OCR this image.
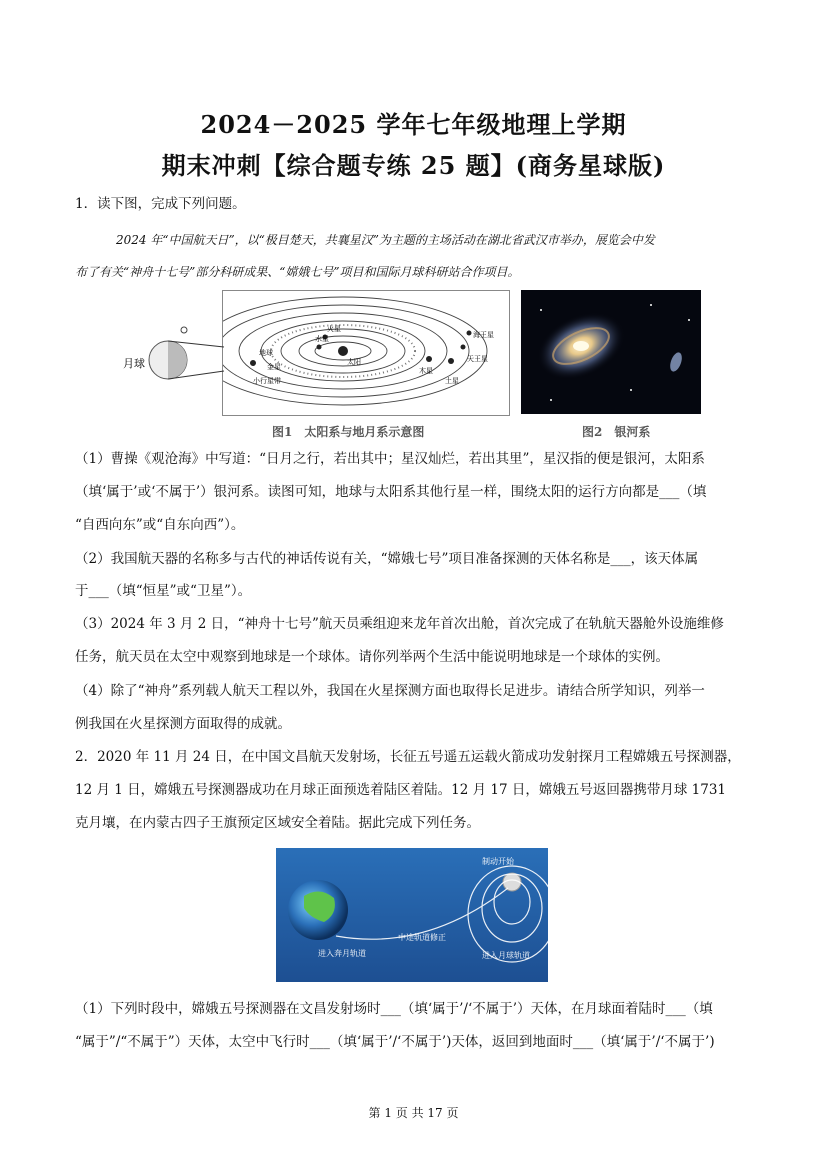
2024－2025 学年七年级地理上学期
期末冲刺【综合题专练 25 题】(商务星球版)
1．读下图，完成下列问题。
2024 年“中国航天日”，以“极目楚天，共襄星汉”为主题的主场活动在湖北省武汉市举办，展览会中发
布了有关“神舟十七号”部分科研成果、“嫦娥七号”项目和国际月球科研站合作项目。
太阳
地球
水星
金星
火星
木星
土星
天王星
海王星
小行星带
月球
图1　太阳系与地月系示意图	图2　银河系
（1）曹操《观沧海》中写道：“日月之行，若出其中；星汉灿烂，若出其里”，星汉指的便是银河，太阳系
（填‘属于’或‘不属于’）银河系。读图可知，地球与太阳系其他行星一样，围绕太阳的运行方向都是___（填
“自西向东”或“自东向西”）。
（2）我国航天器的名称多与古代的神话传说有关，“嫦娥七号”项目准备探测的天体名称是___，该天体属
于___（填“恒星”或“卫星”）。
（3）2024 年 3 月 2 日，“神舟十七号”航天员乘组迎来龙年首次出舱，首次完成了在轨航天器舱外设施维修
任务，航天员在太空中观察到地球是一个球体。请你列举两个生活中能说明地球是一个球体的实例。
（4）除了“神舟”系列载人航天工程以外，我国在火星探测方面也取得长足进步。请结合所学知识，列举一
例我国在火星探测方面取得的成就。
2．2020 年 11 月 24 日，在中国文昌航天发射场，长征五号遥五运载火箭成功发射探月工程嫦娥五号探测器，
12 月 1 日，嫦娥五号探测器成功在月球正面预选着陆区着陆。12 月 17 日，嫦娥五号返回器携带月球 1731
克月壤，在内蒙古四子王旗预定区域安全着陆。据此完成下列任务。
制动开始
中途轨道修正
进入奔月轨道	进入月球轨道
（1）下列时段中，嫦娥五号探测器在文昌发射场时___（填‘属于’/‘不属于’）天体，在月球面着陆时___（填
“属于”/“不属于”）天体，太空中飞行时___（填‘属于’/‘不属于’)天体，返回到地面时___（填‘属于’/‘不属于’)
第 1 页 共 17 页
